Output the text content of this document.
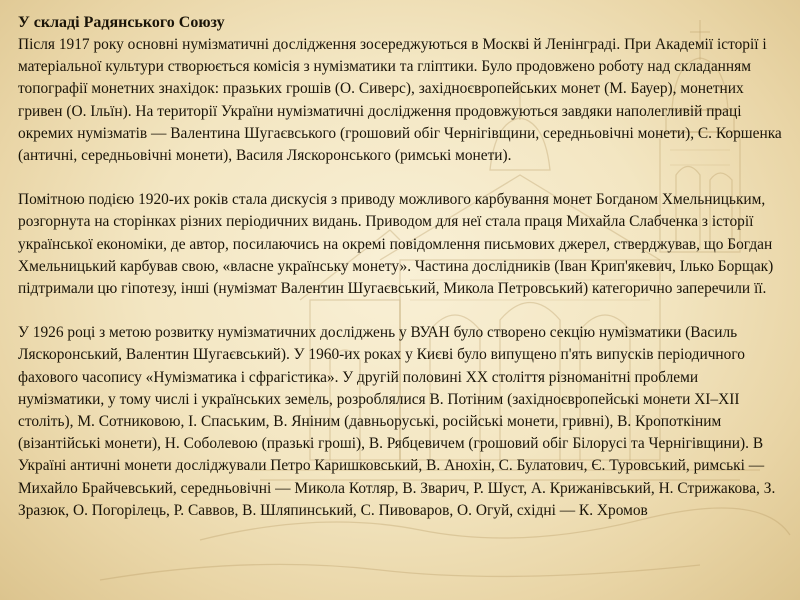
У складі Радянського Союзу

Після 1917 року основні нумізматичні дослідження зосереджуються в Москві й Ленінграді. При Академії історії і матеріальної культури створюється комісія з нумізматики та гліптики. Було продовжено роботу над складанням топографії монетних знахідок: празьких грошів (О. Сиверс), західноєвропейських монет (М. Бауер), монетних гривен (О. Ільїн). На території України нумізматичні дослідження продовжуються завдяки наполегливій праці окремих нумізматів — Валентина Шугаєвського (грошовий обіг Чернігівщини, середньовічні монети), С. Коршенка (античні, середньовічні монети), Василя Ляскоронського (римські монети).

Помітною подією 1920-их років стала дискусія з приводу можливого карбування монет Богданом Хмельницьким, розгорнута на сторінках різних періодичних видань. Приводом для неї стала праця Михайла Слабченка з історії української економіки, де автор, посилаючись на окремі повідомлення письмових джерел, стверджував, що Богдан Хмельницький карбував свою, «власне українську монету». Частина дослідників (Іван Крип'якевич, Ілько Борщак) підтримали цю гіпотезу, інші (нумізмат Валентин Шугаєвський, Микола Петровський) категорично заперечили її.

У 1926 році з метою розвитку нумізматичних досліджень у ВУАН було створено секцію нумізматики (Василь Ляскоронський, Валентин Шугаєвський). У 1960-их роках у Києві було випущено п'ять випусків періодичного фахового часопису «Нумізматика і сфрагістика». У другій половині XX століття різноманітні проблеми нумізматики, у тому числі і українських земель, розроблялися В. Потіним (західноєвропейські монети XI–XII століть), М. Сотниковою, І. Спаським, В. Яніним (давньоруські, російські монети, гривні), В. Кропоткіним (візантійські монети), Н. Соболевою (празькі гроші), В. Рябцевичем (грошовий обіг Білорусі та Чернігівщини). В Україні античні монети досліджували Петро Каришковський, В. Анохін, С. Булатович, Є. Туровський, римські — Михайло Брайчевський, середньовічні — Микола Котляр, В. Зварич, Р. Шуст, А. Крижанівський, Н. Стрижакова, З. Зразюк, О. Погорілець, Р. Саввов, В. Шляпинський, С. Пивоваров, О. Огуй, східні — К. Хромов
